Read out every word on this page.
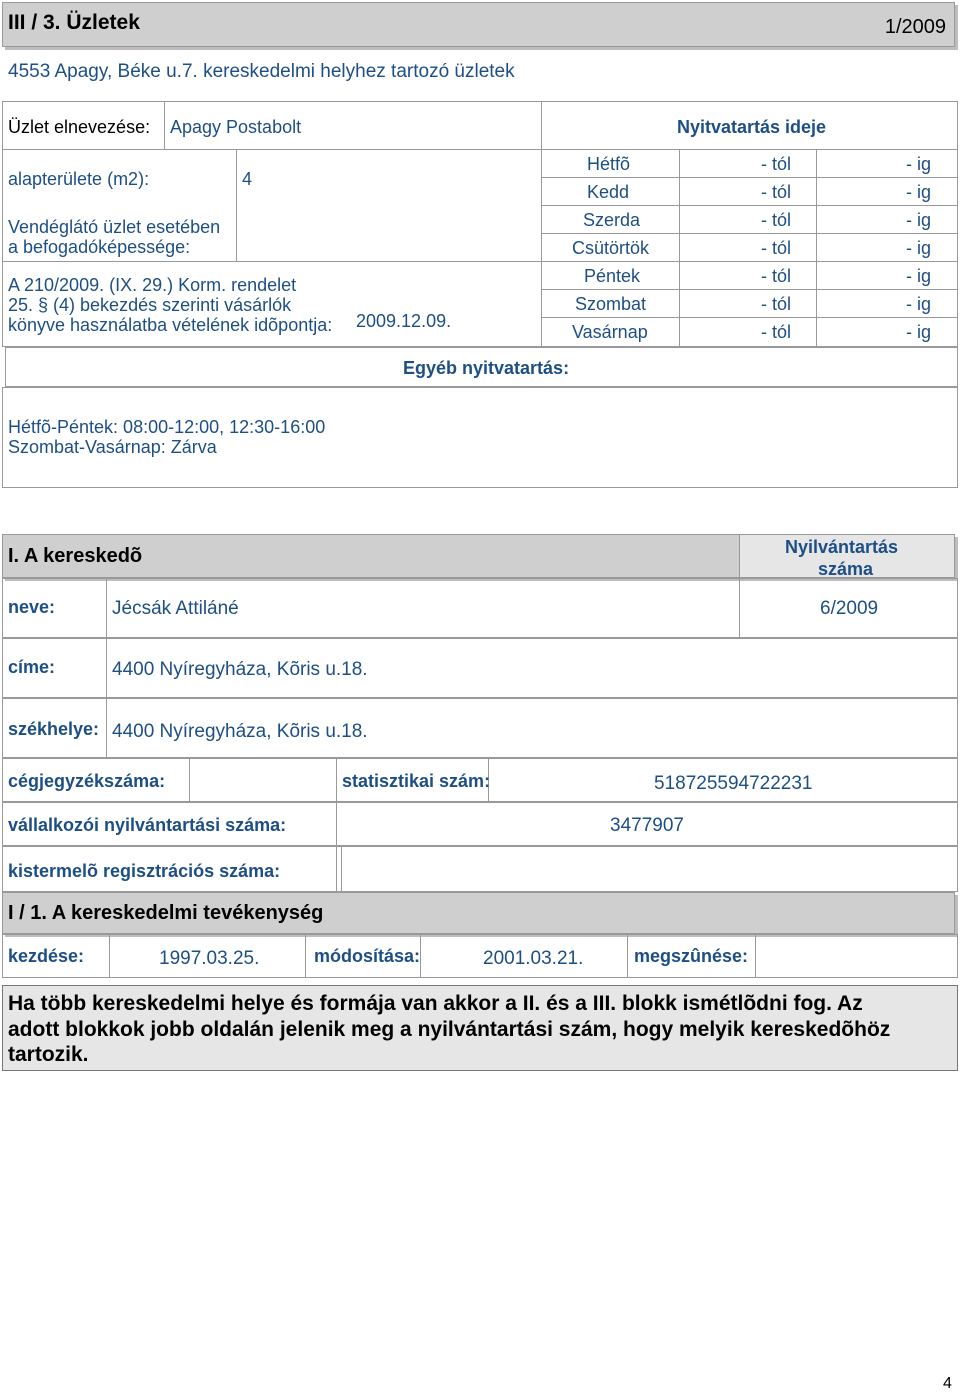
III / 3. Üzletek	1/2009
4553 Apagy, Béke u.7. kereskedelmi helyhez tartozó üzletek
Üzlet elnevezése: Apagy Postabolt	Nyitvatartás ideje
alapterülete (m2):	4
Vendéglátó üzlet esetében
a befogadóképessége:
A 210/2009. (IX. 29.) Korm. rendelet
25. § (4) bekezdés szerinti vásárlók
könyve használatba vételének idõpontja: 2009.12.09.
Hétfõ	- tól	- ig
Kedd	- tól	- ig
Szerda	- tól	- ig
Csütörtök	- tól	- ig
Péntek	- tól	- ig
Szombat	- tól	- ig
Vasárnap	- tól	- ig
Egyéb nyitvatartás:
Hétfõ-Péntek: 08:00-12:00, 12:30-16:00
Szombat-Vasárnap: Zárva
I. A kereskedõ	Nyilvántartás
száma
neve:	Jécsák Attiláné	6/2009
címe:	4400 Nyíregyháza, Kõris u.18.
székhelye: 4400 Nyíregyháza, Kõris u.18.
cégjegyzékszáma:	statisztikai szám:	518725594722231
vállalkozói nyilvántartási száma:	3477907
kistermelõ regisztrációs száma:
I / 1. A kereskedelmi tevékenység
kezdése:	1997.03.25.	módosítása:	2001.03.21.	megszûnése:
Ha több kereskedelmi helye és formája van akkor a II. és a III. blokk ismétlõdni fog. Az
adott blokkok jobb oldalán jelenik meg a nyilvántartási szám, hogy melyik kereskedõhöz
tartozik.
4
